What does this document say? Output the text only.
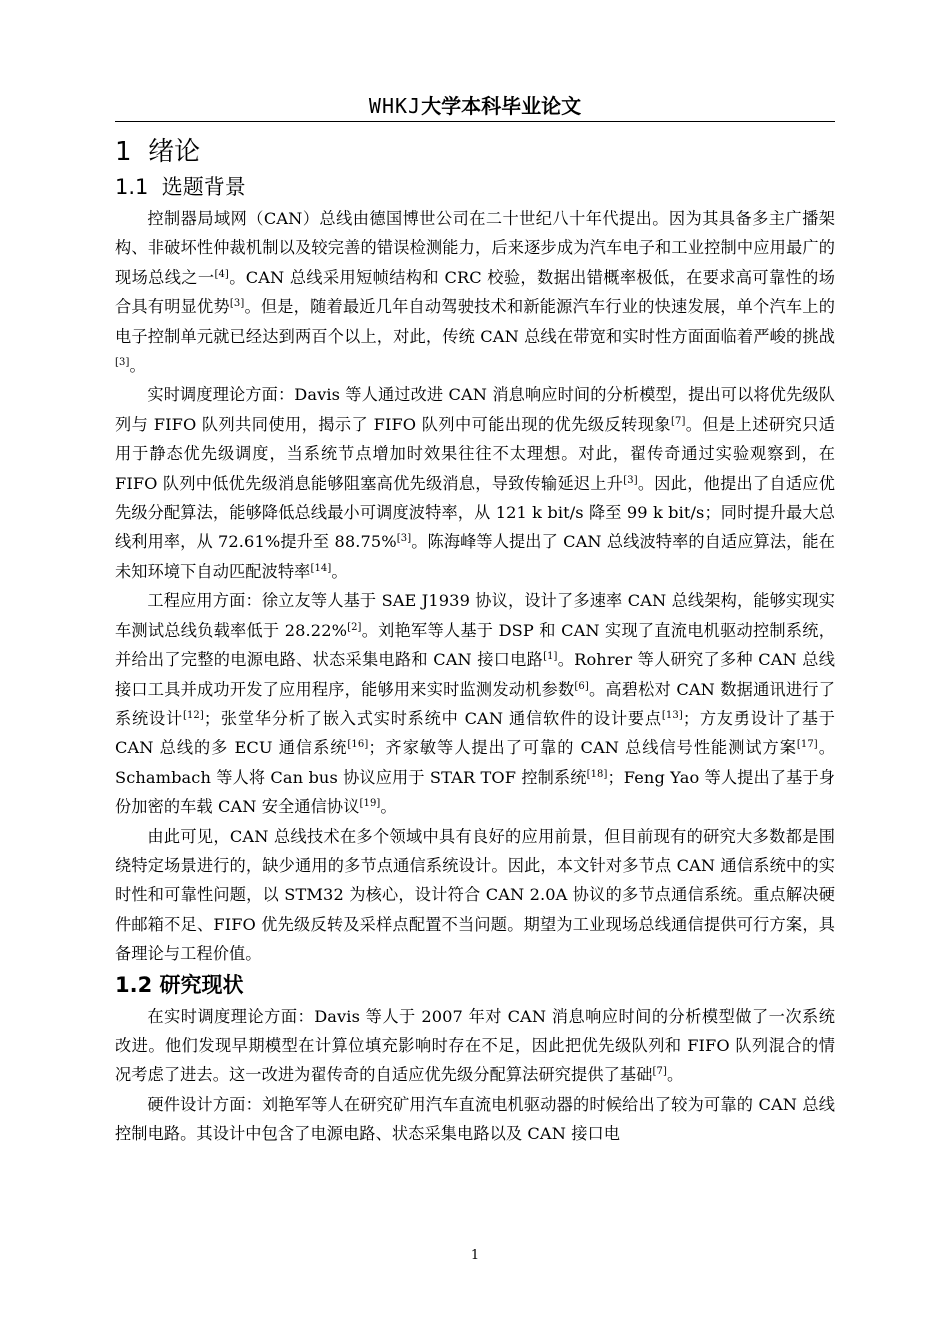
WHKJ大学本科毕业论文
1 绪论
1.1 选题背景

控制器局域网（CAN）总线由德国博世公司在二十世纪八十年代提出。因为其具备多主广播架构、非破坏性仲裁机制以及较完善的错误检测能力，后来逐步成为汽车电子和工业控制中应用最广的现场总线之一[4]。CAN 总线采用短帧结构和 CRC 校验，数据出错概率极低，在要求高可靠性的场合具有明显优势[3]。但是，随着最近几年自动驾驶技术和新能源汽车行业的快速发展，单个汽车上的电子控制单元就已经达到两百个以上，对此，传统 CAN 总线在带宽和实时性方面面临着严峻的挑战[3]。

实时调度理论方面：Davis 等人通过改进 CAN 消息响应时间的分析模型，提出可以将优先级队列与 FIFO 队列共同使用，揭示了 FIFO 队列中可能出现的优先级反转现象[7]。但是上述研究只适用于静态优先级调度，当系统节点增加时效果往往不太理想。对此，翟传奇通过实验观察到，在 FIFO 队列中低优先级消息能够阻塞高优先级消息，导致传输延迟上升[3]。因此，他提出了自适应优先级分配算法，能够降低总线最小可调度波特率，从 121 k bit/s 降至 99 k bit/s；同时提升最大总线利用率，从 72.61%提升至 88.75%[3]。陈海峰等人提出了 CAN 总线波特率的自适应算法，能在未知环境下自动匹配波特率[14]。

工程应用方面：徐立友等人基于 SAE J1939 协议，设计了多速率 CAN 总线架构，能够实现实车测试总线负载率低于 28.22%[2]。刘艳军等人基于 DSP 和 CAN 实现了直流电机驱动控制系统，并给出了完整的电源电路、状态采集电路和 CAN 接口电路[1]。Rohrer 等人研究了多种 CAN 总线接口工具并成功开发了应用程序，能够用来实时监测发动机参数[6]。高碧松对 CAN 数据通讯进行了系统设计[12]；张堂华分析了嵌入式实时系统中 CAN 通信软件的设计要点[13]；方友勇设计了基于 CAN 总线的多 ECU 通信系统[16]；齐家敏等人提出了可靠的 CAN 总线信号性能测试方案[17]。Schambach 等人将 Can bus 协议应用于 STAR TOF 控制系统[18]；Feng Yao 等人提出了基于身份加密的车载 CAN 安全通信协议[19]。

由此可见，CAN 总线技术在多个领域中具有良好的应用前景，但目前现有的研究大多数都是围绕特定场景进行的，缺少通用的多节点通信系统设计。因此，本文针对多节点 CAN 通信系统中的实时性和可靠性问题，以 STM32 为核心，设计符合 CAN 2.0A 协议的多节点通信系统。重点解决硬件邮箱不足、FIFO 优先级反转及采样点配置不当问题。期望为工业现场总线通信提供可行方案，具备理论与工程价值。

1.2 研究现状

在实时调度理论方面：Davis 等人于 2007 年对 CAN 消息响应时间的分析模型做了一次系统改进。他们发现早期模型在计算位填充影响时存在不足，因此把优先级队列和 FIFO 队列混合的情况考虑了进去。这一改进为翟传奇的自适应优先级分配算法研究提供了基础[7]。

硬件设计方面：刘艳军等人在研究矿用汽车直流电机驱动器的时候给出了较为可靠的 CAN 总线控制电路。其设计中包含了电源电路、状态采集电路以及 CAN 接口电

1
